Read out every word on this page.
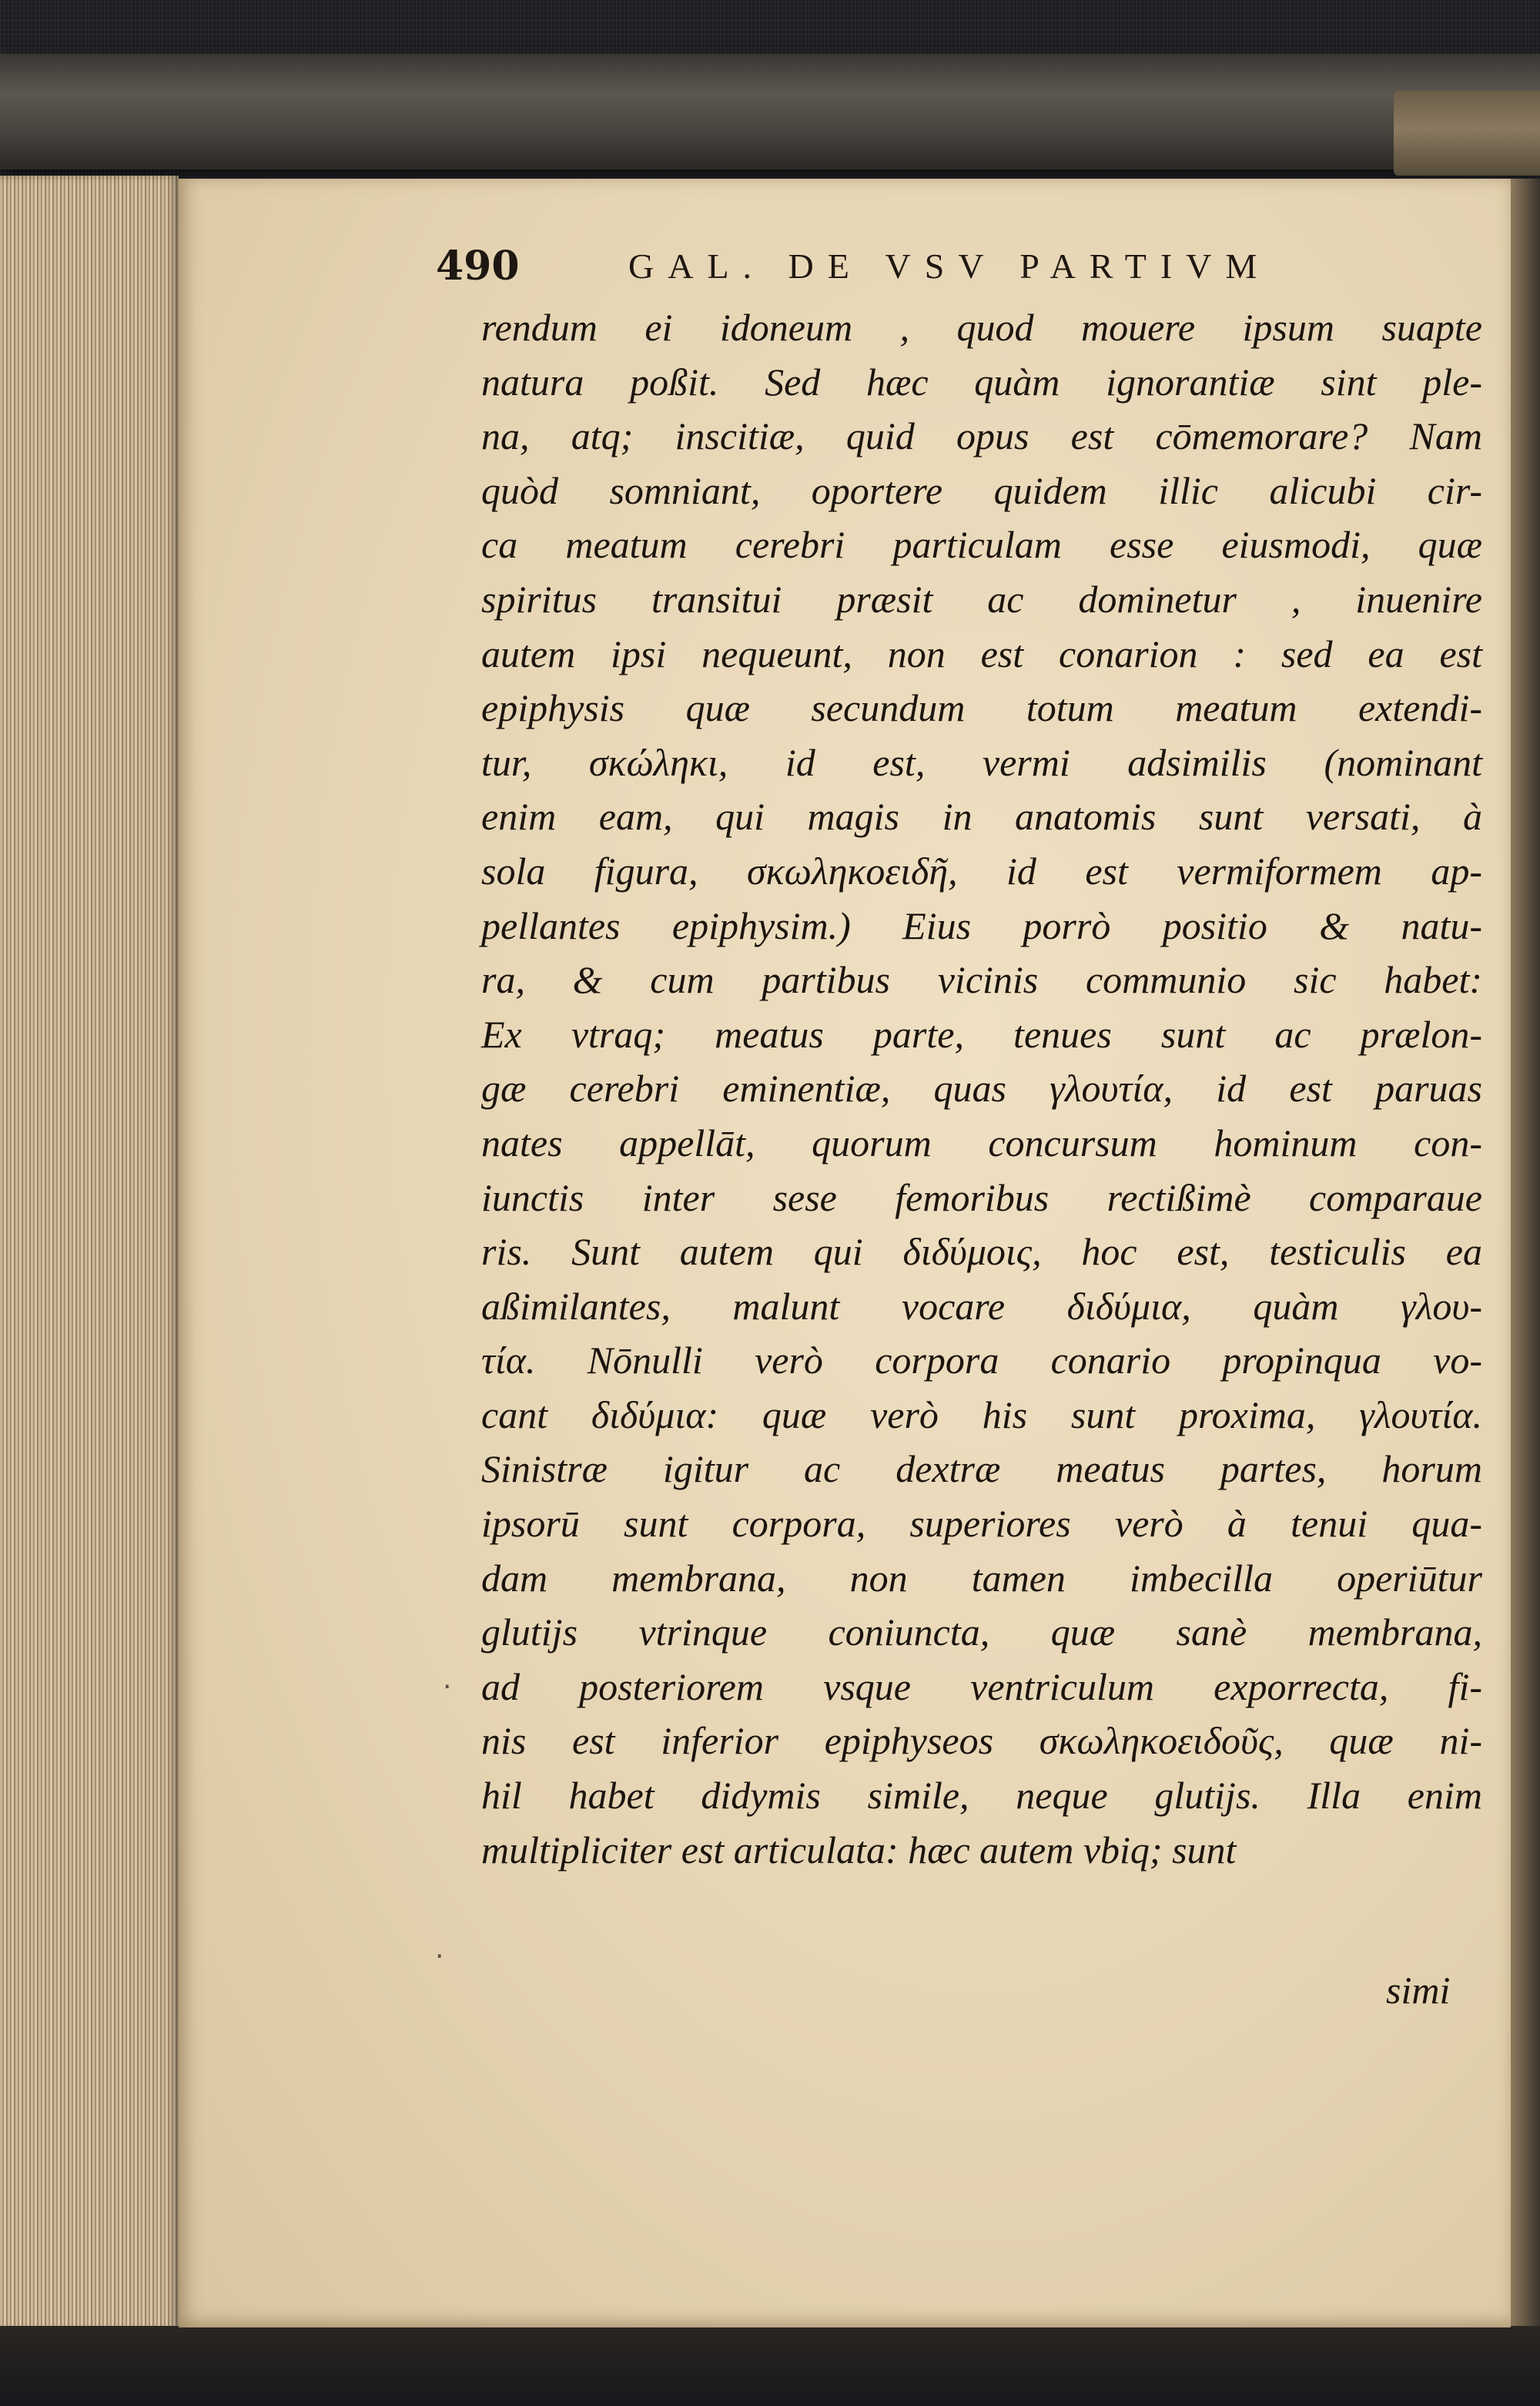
490	GAL. DE VSV PARTIVM
rendum ei idoneum , quod mouere ipsum suapte
natura poßit. Sed hæc quàm ignorantiæ sint ple-
na, atq; inscitiæ, quid opus est cōmemorare? Nam
quòd somniant, oportere quidem illic alicubi cir-
ca meatum cerebri particulam esse eiusmodi, quæ
spiritus transitui præsit ac dominetur , inuenire
autem ipsi nequeunt, non est conarion : sed ea est
epiphysis quæ secundum totum meatum extendi-
tur, σκώληκι, id est, vermi adsimilis (nominant
enim eam, qui magis in anatomis sunt versati, à
sola figura, σκωληκοειδῆ, id est vermiformem ap-
pellantes epiphysim.) Eius porrò positio & natu-
ra, & cum partibus vicinis communio sic habet:
Ex vtraq; meatus parte, tenues sunt ac prælon-
gæ cerebri eminentiæ, quas γλουτία, id est paruas
nates appellāt, quorum concursum hominum con-
iunctis inter sese femoribus rectißimè comparaue
ris. Sunt autem qui διδύμοις, hoc est, testiculis ea
aßimilantes, malunt vocare διδύμια, quàm γλου-
τία. Nōnulli verò corpora conario propinqua vo-
cant διδύμια: quæ verò his sunt proxima, γλουτία.
Sinistræ igitur ac dextræ meatus partes, horum
ipsorū sunt corpora, superiores verò à tenui qua-
dam membrana, non tamen imbecilla operiūtur
glutijs vtrinque coniuncta, quæ sanè membrana,
ad posteriorem vsque ventriculum exporrecta, fi-
nis est inferior epiphyseos σκωληκοειδοῦς, quæ ni-
hil habet didymis simile, neque glutijs. Illa enim
multipliciter est articulata: hæc autem vbiq; sunt
simi
·
·
